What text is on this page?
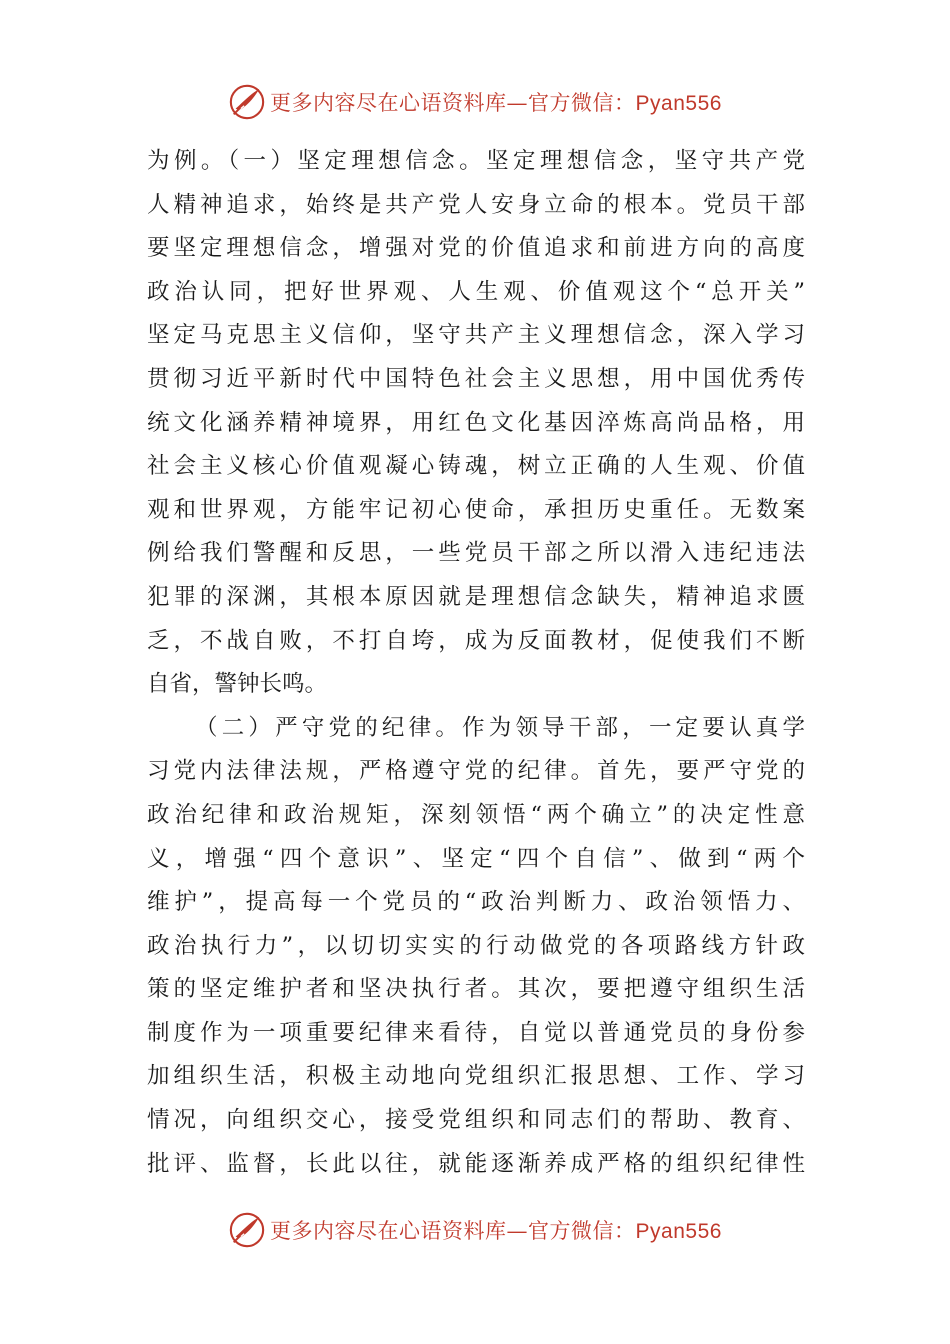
更多内容尽在心语资料库—官方微信：Pyan556
为例。（一）坚定理想信念。坚定理想信念，坚守共产党
人精神追求，始终是共产党人安身立命的根本。党员干部
要坚定理想信念，增强对党的价值追求和前进方向的高度
政治认同，把好世界观、人生观、价值观这个“总开关”
坚定马克思主义信仰，坚守共产主义理想信念，深入学习
贯彻习近平新时代中国特色社会主义思想，用中国优秀传
统文化涵养精神境界，用红色文化基因淬炼高尚品格，用
社会主义核心价值观凝心铸魂，树立正确的人生观、价值
观和世界观，方能牢记初心使命，承担历史重任。无数案
例给我们警醒和反思，一些党员干部之所以滑入违纪违法
犯罪的深渊，其根本原因就是理想信念缺失，精神追求匮
乏，不战自败，不打自垮，成为反面教材，促使我们不断
自省，警钟长鸣。
（二）严守党的纪律。作为领导干部，一定要认真学
习党内法律法规，严格遵守党的纪律。首先，要严守党的
政治纪律和政治规矩，深刻领悟“两个确立”的决定性意
义，增强“四个意识”、坚定“四个自信”、做到“两个
维护”，提高每一个党员的“政治判断力、政治领悟力、
政治执行力”，以切切实实的行动做党的各项路线方针政
策的坚定维护者和坚决执行者。其次，要把遵守组织生活
制度作为一项重要纪律来看待，自觉以普通党员的身份参
加组织生活，积极主动地向党组织汇报思想、工作、学习
情况，向组织交心，接受党组织和同志们的帮助、教育、
批评、监督，长此以往，就能逐渐养成严格的组织纪律性
更多内容尽在心语资料库—官方微信：Pyan556
